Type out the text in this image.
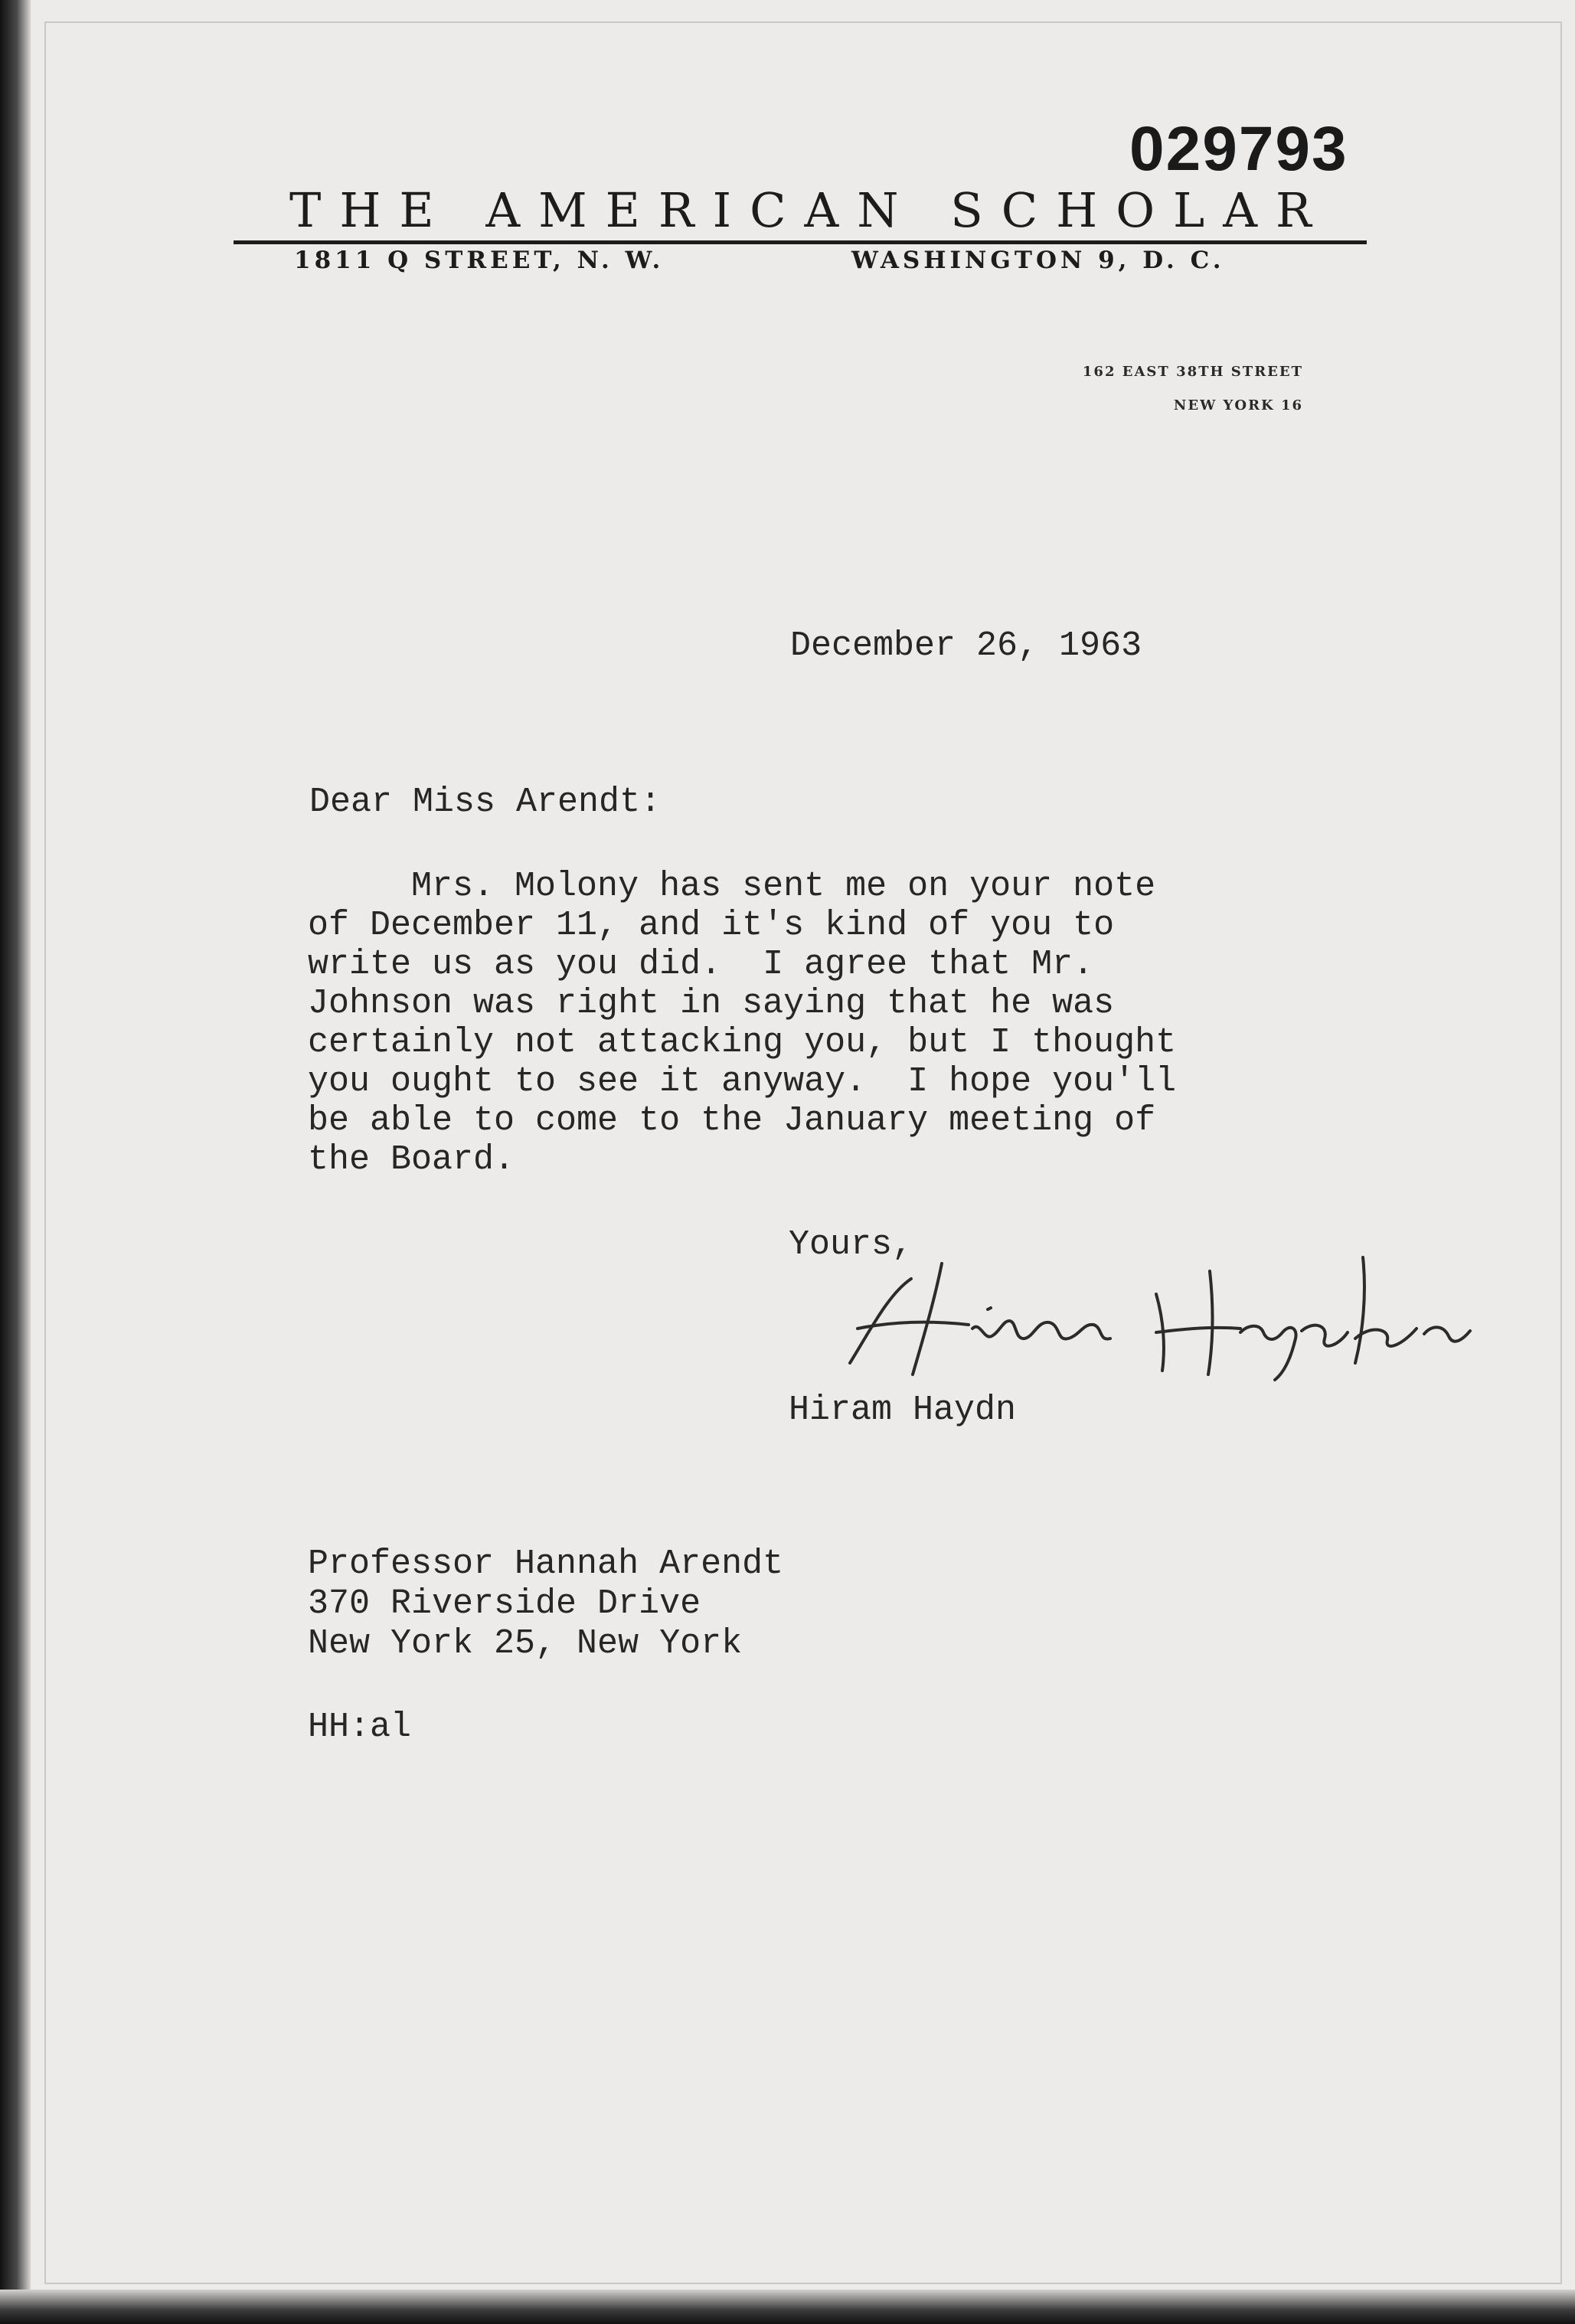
029793
THE AMERICAN SCHOLAR
1811 Q STREET, N. W.	WASHINGTON 9, D. C.
162 EAST 38TH STREET
NEW YORK 16
December 26, 1963
Dear Miss Arendt:
Mrs. Molony has sent me on your note
of December 11, and it's kind of you to
write us as you did.  I agree that Mr.
Johnson was right in saying that he was
certainly not attacking you, but I thought
you ought to see it anyway.  I hope you'll
be able to come to the January meeting of
the Board.
Yours,
Hiram Haydn
Professor Hannah Arendt
370 Riverside Drive
New York 25, New York
HH:al
